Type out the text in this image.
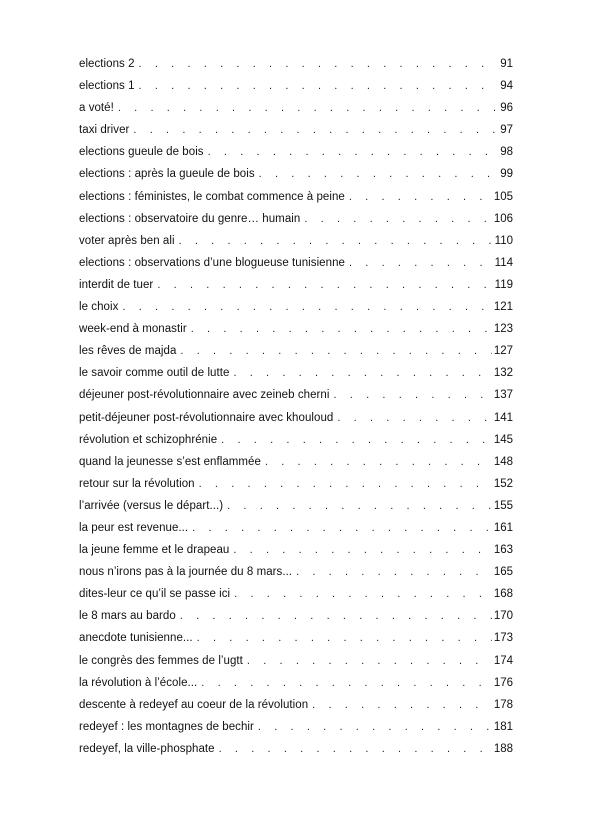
elections 2 . . .	91
elections 1 . . .	94
a voté! . . .	96
taxi driver . . .	97
elections gueule de bois . . .	98
elections : après la gueule de bois . . .	99
elections : féministes, le combat commence à peine . . .	105
elections : observatoire du genre… humain . . .	106
voter après ben ali . . .	110
elections : observations d’une blogueuse tunisienne . . .	114
interdit de tuer . . .	119
le choix . . .	121
week-end à monastir . . .	123
les rêves de majda . . .	127
le savoir comme outil de lutte . . .	132
déjeuner post-révolutionnaire avec zeineb cherni . . .	137
petit-déjeuner post-révolutionnaire avec khouloud . . .	141
révolution et schizophrénie . . .	145
quand la jeunesse s’est enflammée . . .	148
retour sur la révolution . . .	152
l’arrivée (versus le départ...) . . .	155
la peur est revenue... . . .	161
la jeune femme et le drapeau . . .	163
nous n’irons pas à la journée du 8 mars... . . .	165
dites-leur ce qu’il se passe ici . . .	168
le 8 mars au bardo . . .	170
anecdote tunisienne... . . .	173
le congrès des femmes de l’ugtt . . .	174
la révolution à l’école... . . .	176
descente à redeyef au coeur de la révolution . . .	178
redeyef : les montagnes de bechir . . .	181
redeyef, la ville-phosphate . . .	188
